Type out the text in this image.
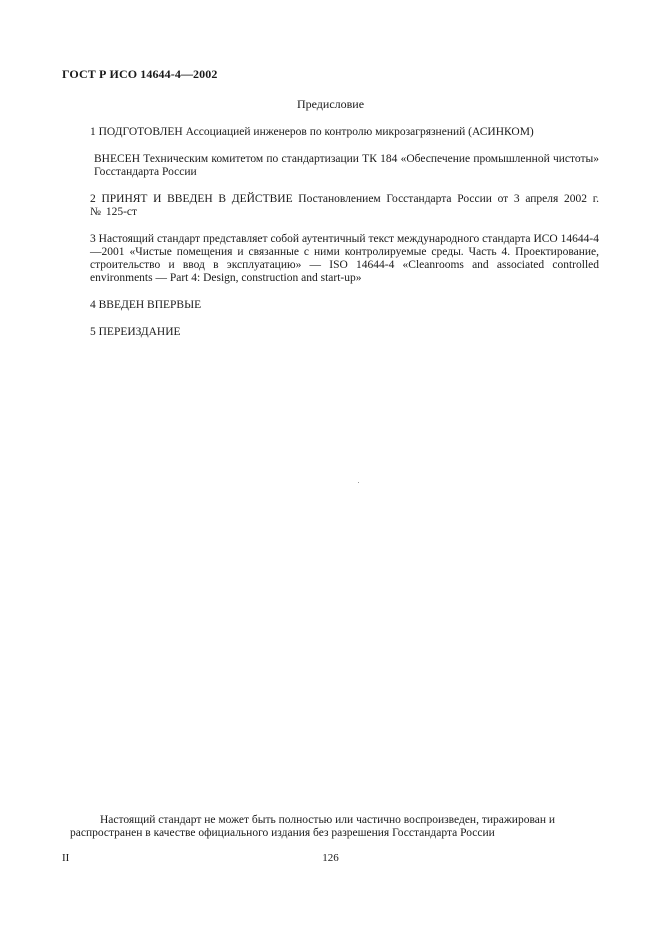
ГОСТ Р ИСО 14644-4—2002
Предисловие
1 ПОДГОТОВЛЕН Ассоциацией инженеров по контролю микрозагрязнений (АСИНКОМ)
ВНЕСЕН Техническим комитетом по стандартизации ТК 184 «Обеспечение промышленной чистоты» Госстандарта России
2 ПРИНЯТ И ВВЕДЕН В ДЕЙСТВИЕ Постановлением Госстандарта России от 3 апреля 2002 г. № 125-ст
3 Настоящий стандарт представляет собой аутентичный текст международного стандарта ИСО 14644-4—2001 «Чистые помещения и связанные с ними контролируемые среды. Часть 4. Проектирование, строительство и ввод в эксплуатацию» — ISO 14644-4 «Cleanrooms and associated controlled environments — Part 4: Design, construction and start-up»
4 ВВЕДЕН ВПЕРВЫЕ
5 ПЕРЕИЗДАНИЕ
Настоящий стандарт не может быть полностью или частично воспроизведен, тиражирован и
распространен в качестве официального издания без разрешения Госстандарта России
II	126
